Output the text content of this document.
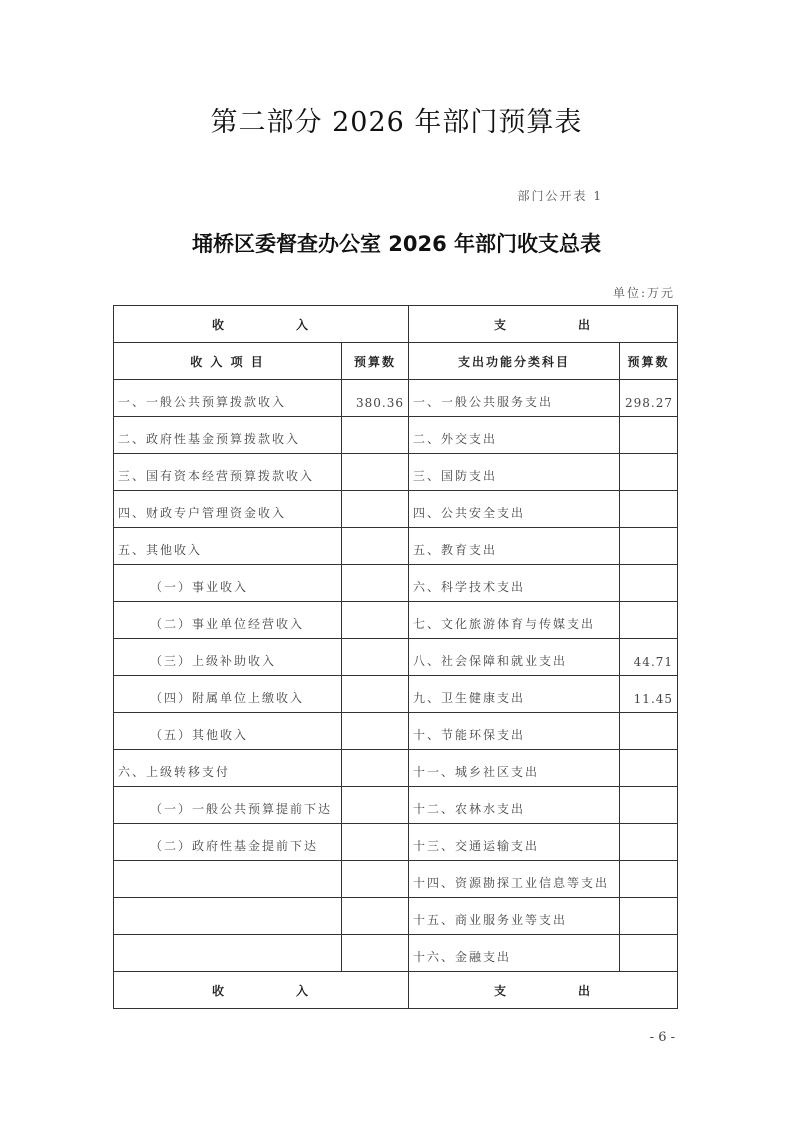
第二部分 2026 年部门预算表
部门公开表 1
埇桥区委督查办公室 2026 年部门收支总表
单位:万元
收　　　　　入		支　　　　　出	
收 入 项 目	预算数	支出功能分类科目	预算数
一、一般公共预算拨款收入	380.36	一、一般公共服务支出	298.27
二、政府性基金预算拨款收入		二、外交支出	
三、国有资本经营预算拨款收入		三、国防支出	
四、财政专户管理资金收入		四、公共安全支出	
五、其他收入		五、教育支出	
（一）事业收入		六、科学技术支出	
（二）事业单位经营收入		七、文化旅游体育与传媒支出	
（三）上级补助收入		八、社会保障和就业支出	44.71
（四）附属单位上缴收入		九、卫生健康支出	11.45
（五）其他收入		十、节能环保支出	
六、上级转移支付		十一、城乡社区支出	
（一）一般公共预算提前下达		十二、农林水支出	
（二）政府性基金提前下达		十三、交通运输支出	
		十四、资源勘探工业信息等支出	
		十五、商业服务业等支出	
		十六、金融支出	
收　　　　　入		支　　　　　出	
- 6 -
